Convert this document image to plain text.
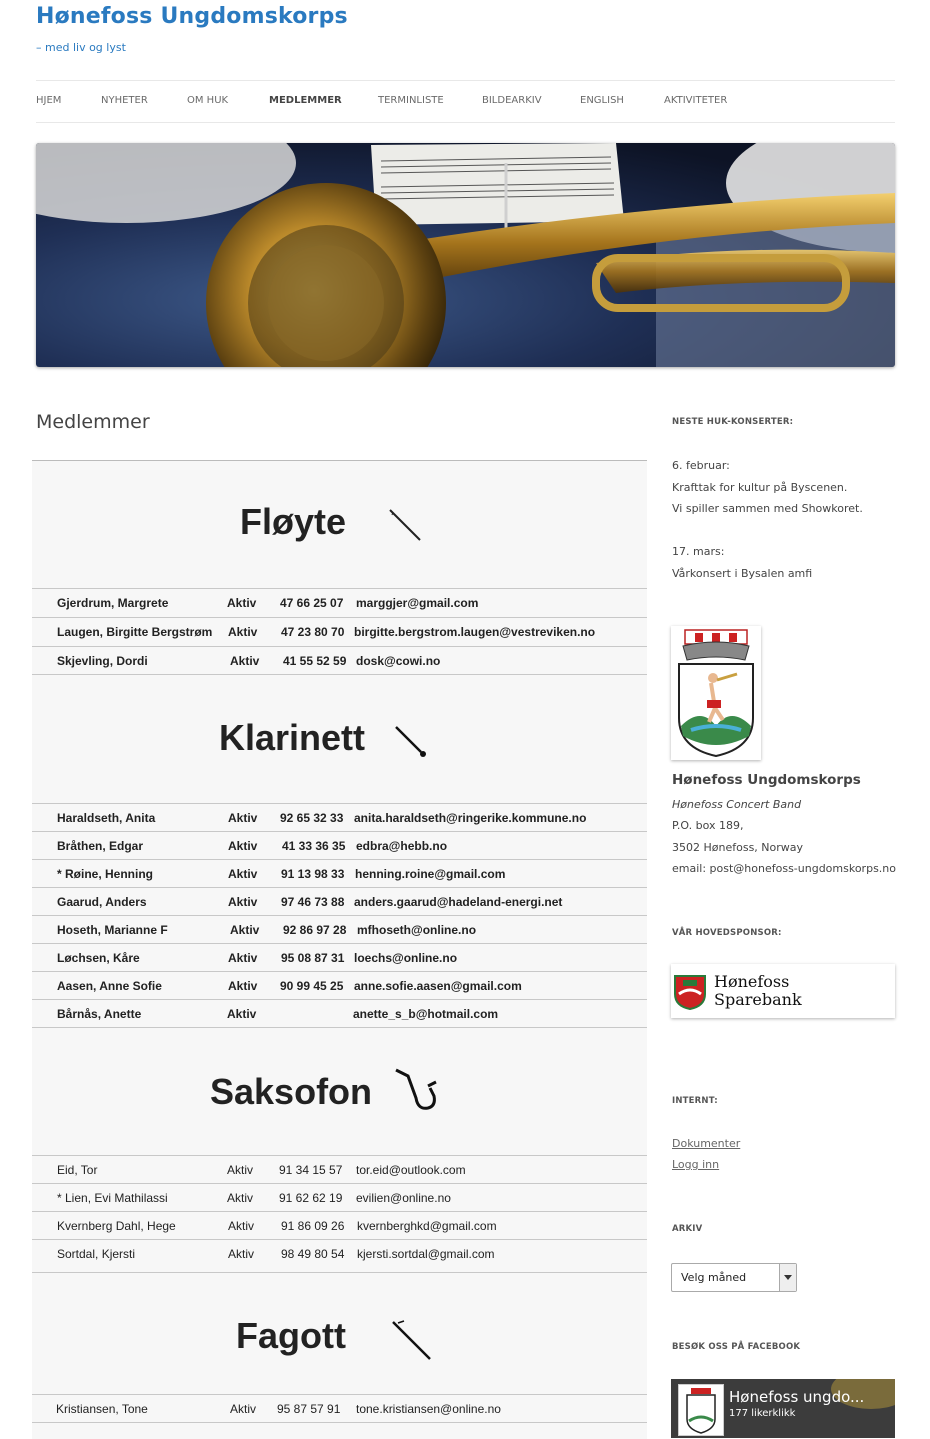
Hønefoss Ungdomskorps
– med liv og lyst
HJEM	NYHETER	OM HUK	MEDLEMMER	TERMINLISTE	BILDEARKIV	ENGLISH	AKTIVITETER
Medlemmer
Fløyte
Gjerdrum, Margrete	Aktiv 47 66 25 07 marggjer@gmail.com
Laugen, Birgitte Bergstrøm Aktiv 47 23 80 70 birgitte.bergstrom.laugen@vestreviken.no
Skjevling, Dordi	Aktiv 41 55 52 59 dosk@cowi.no
Klarinett
Haraldseth, Anita	Aktiv 92 65 32 33 anita.haraldseth@ringerike.kommune.no
Bråthen, Edgar	Aktiv 41 33 36 35 edbra@hebb.no
* Røine, Henning	Aktiv 91 13 98 33 henning.roine@gmail.com
Gaarud, Anders	Aktiv 97 46 73 88 anders.gaarud@hadeland-energi.net
Hoseth, Marianne F	Aktiv 92 86 97 28 mfhoseth@online.no
Løchsen, Kåre	Aktiv 95 08 87 31 loechs@online.no
Aasen, Anne Sofie	Aktiv 90 99 45 25 anne.sofie.aasen@gmail.com
Bårnås, Anette	Aktiv	anette_s_b@hotmail.com
Saksofon
Eid, Tor	Aktiv 91 34 15 57 tor.eid@outlook.com
* Lien, Evi Mathilassi	Aktiv 91 62 62 19 evilien@online.no
Kvernberg Dahl, Hege	Aktiv 91 86 09 26 kvernberghkd@gmail.com
Sortdal, Kjersti	Aktiv 98 49 80 54 kjersti.sortdal@gmail.com
Fagott
Kristiansen, Tone	Aktiv 95 87 57 91 tone.kristiansen@online.no
NESTE HUK-KONSERTER:
6. februar:
Krafttak for kultur på Byscenen.
Vi spiller sammen med Showkoret.
17. mars:
Vårkonsert i Bysalen amfi
Hønefoss Ungdomskorps
Hønefoss Concert Band
P.O. box 189,
3502 Hønefoss, Norway
email: post@honefoss-ungdomskorps.no
VÅR HOVEDSPONSOR:
Hønefoss
Sparebank
INTERNT:
Dokumenter
Logg inn
ARKIV
Velg måned
BESØK OSS PÅ FACEBOOK
Hønefoss ungdo...
177 likerklikk
